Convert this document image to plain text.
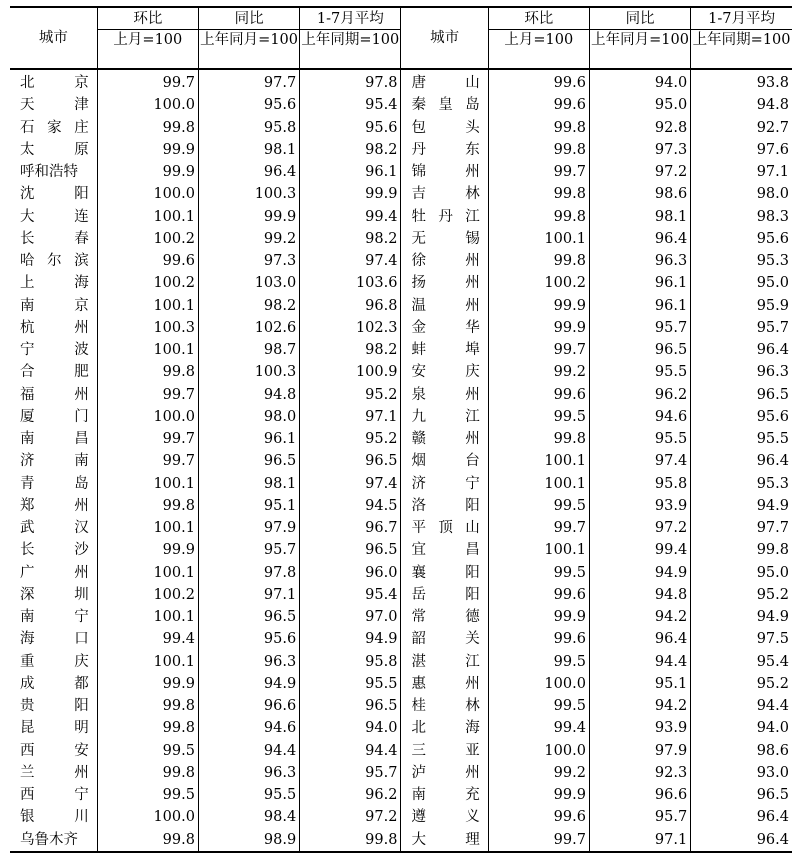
城市	环比	同比	1-7月平均	城市	环比	同比	1-7月平均
	上月=100	上年同月=100	上年同期=100		上月=100	上年同月=100	上年同期=100

北 京	99.7	97.7	97.8	唐 山	99.6	94.0	93.8

天 津	100.0	95.6	95.4	秦 皇 岛	99.6	95.0	94.8

石 家 庄	99.8	95.8	95.6	包 头	99.8	92.8	92.7

太 原	99.9	98.1	98.2	丹 东	99.8	97.3	97.6

呼和浩特	99.9	96.4	96.1	锦 州	99.7	97.2	97.1

沈 阳	100.0	100.3	99.9	吉 林	99.8	98.6	98.0

大 连	100.1	99.9	99.4	牡 丹 江	99.8	98.1	98.3

长 春	100.2	99.2	98.2	无 锡	100.1	96.4	95.6

哈 尔 滨	99.6	97.3	97.4	徐 州	99.8	96.3	95.3

上 海	100.2	103.0	103.6	扬 州	100.2	96.1	95.0

南 京	100.1	98.2	96.8	温 州	99.9	96.1	95.9

杭 州	100.3	102.6	102.3	金 华	99.9	95.7	95.7

宁 波	100.1	98.7	98.2	蚌 埠	99.7	96.5	96.4

合 肥	99.8	100.3	100.9	安 庆	99.2	95.5	96.3

福 州	99.7	94.8	95.2	泉 州	99.6	96.2	96.5

厦 门	100.0	98.0	97.1	九 江	99.5	94.6	95.6

南 昌	99.7	96.1	95.2	赣 州	99.8	95.5	95.5

济 南	99.7	96.5	96.5	烟 台	100.1	97.4	96.4

青 岛	100.1	98.1	97.4	济 宁	100.1	95.8	95.3

郑 州	99.8	95.1	94.5	洛 阳	99.5	93.9	94.9

武 汉	100.1	97.9	96.7	平 顶 山	99.7	97.2	97.7

长 沙	99.9	95.7	96.5	宜 昌	100.1	99.4	99.8

广 州	100.1	97.8	96.0	襄 阳	99.5	94.9	95.0

深 圳	100.2	97.1	95.4	岳 阳	99.6	94.8	95.2

南 宁	100.1	96.5	97.0	常 德	99.9	94.2	94.9

海 口	99.4	95.6	94.9	韶 关	99.6	96.4	97.5

重 庆	100.1	96.3	95.8	湛 江	99.5	94.4	95.4

成 都	99.9	94.9	95.5	惠 州	100.0	95.1	95.2

贵 阳	99.8	96.6	96.5	桂 林	99.5	94.2	94.4

昆 明	99.8	94.6	94.0	北 海	99.4	93.9	94.0

西 安	99.5	94.4	94.4	三 亚	100.0	97.9	98.6

兰 州	99.8	96.3	95.7	泸 州	99.2	92.3	93.0

西 宁	99.5	95.5	96.2	南 充	99.9	96.6	96.5

银 川	100.0	98.4	97.2	遵 义	99.6	95.7	96.4

乌鲁木齐	99.8	98.9	99.8	大 理	99.7	97.1	96.4
